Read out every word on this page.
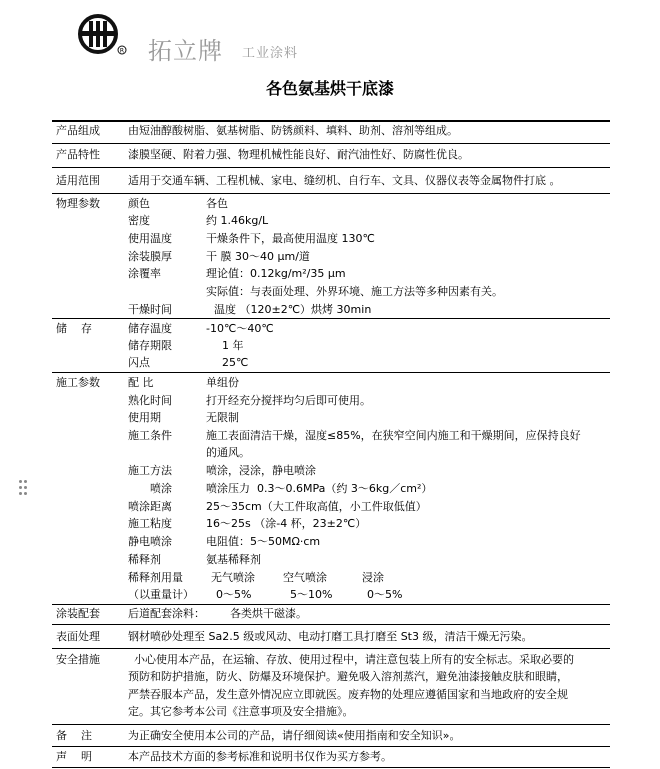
R 拓立牌 工业涂料
各色氨基烘干底漆
产品组成	由短油醇酸树脂、氨基树脂、防锈颜料、填料、助剂、溶剂等组成。
产品特性	漆膜坚硬、附着力强、物理机械性能良好、耐汽油性好、防腐性优良。
适用范围	适用于交通车辆、工程机械、家电、缝纫机、自行车、文具、仪器仪表等金属物件打底 。
物理参数	颜色	各色
密度	约 1.46kg/L
使用温度	干燥条件下，最高使用温度 130℃
涂装膜厚	干 膜 30～40 µm/道
涂覆率	理论值：0.12kg/m²/35 µm
实际值：与表面处理、外界环境、施工方法等多种因素有关。
干燥时间	温度 （120±2℃）烘烤 30min
储    存	储存温度	-10℃～40℃
储存期限	1 年
闪点	25℃
施工参数	配 比	单组份
熟化时间	打开经充分搅拌均匀后即可使用。
使用期	无限制
施工条件	施工表面清洁干燥，湿度≤85%，在狭窄空间内施工和干燥期间，应保持良好
的通风。
施工方法	喷涂，浸涂，静电喷涂
喷涂	喷涂压力  0.3～0.6MPa（约 3～6kg／cm²）
喷涂距离	25～35cm（大工件取高值，小工件取低值）
施工粘度	16～25s （涂-4 杯，23±2℃）
静电喷涂	电阻值：5～50MΩ·cm
稀释剂	氨基稀释剂
稀释剂用量	无气喷涂	空气喷涂	浸涂
（以重量计） 0～5%	5～10%	0～5%
涂装配套	后道配套涂料： 各类烘干磁漆。
表面处理	钢材喷砂处理至 Sa2.5 级或风动、电动打磨工具打磨至 St3 级，清洁干燥无污染。
安全措施	小心使用本产品，在运输、存放、使用过程中，请注意包装上所有的安全标志。采取必要的
预防和防护措施，防火、防爆及环境保护。避免吸入溶剂蒸汽，避免油漆接触皮肤和眼睛，
严禁吞服本产品，发生意外情况应立即就医。废弃物的处理应遵循国家和当地政府的安全规
定。其它参考本公司《注意事项及安全措施》。
备    注	为正确安全使用本公司的产品，请仔细阅读«使用指南和安全知识»。
声    明	本产品技术方面的参考标准和说明书仅作为买方参考。
